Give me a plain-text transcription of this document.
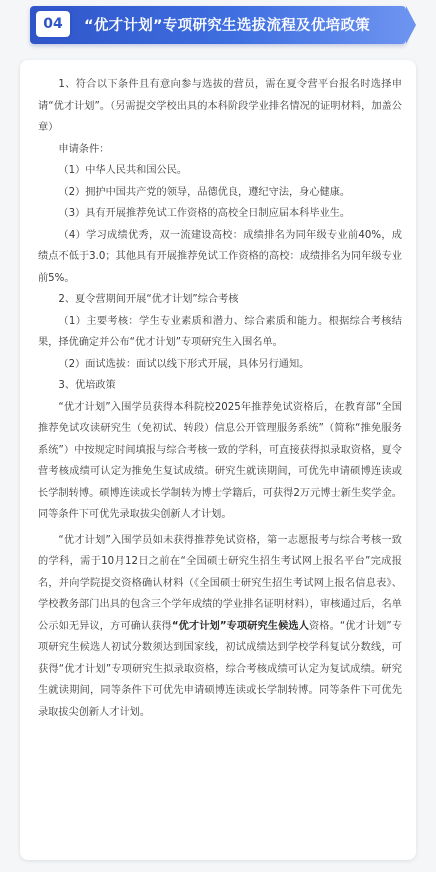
04	“优才计划”专项研究生选拔流程及优培政策

1、符合以下条件且有意向参与选拔的营员，需在夏令营平台报名时选择申请“优才计划”。（另需提交学校出具的本科阶段学业排名情况的证明材料，加盖公章）

申请条件：

（1）中华人民共和国公民。

（2）拥护中国共产党的领导，品德优良，遵纪守法，身心健康。

（3）具有开展推荐免试工作资格的高校全日制应届本科毕业生。

（4）学习成绩优秀，双一流建设高校：成绩排名为同年级专业前40%，成绩点不低于3.0；其他具有开展推荐免试工作资格的高校：成绩排名为同年级专业前5%。

2、夏令营期间开展“优才计划”综合考核

（1）主要考核：学生专业素质和潜力、综合素质和能力。根据综合考核结果，择优确定并公布“优才计划”专项研究生入围名单。

（2）面试选拔：面试以线下形式开展，具体另行通知。

3、优培政策

“优才计划”入围学员获得本科院校2025年推荐免试资格后，在教育部“全国推荐免试攻读研究生（免初试、转段）信息公开管理服务系统”（简称“推免服务系统”）中按规定时间填报与综合考核一致的学科，可直接获得拟录取资格，夏令营考核成绩可认定为推免生复试成绩。研究生就读期间，可优先申请硕博连读或长学制转博。硕博连读或长学制转为博士学籍后，可获得2万元博士新生奖学金。同等条件下可优先录取拔尖创新人才计划。

“优才计划”入围学员如未获得推荐免试资格，第一志愿报考与综合考核一致的学科，需于10月12日之前在“全国硕士研究生招生考试网上报名平台”完成报名，并向学院提交资格确认材料（《全国硕士研究生招生考试网上报名信息表》、学校教务部门出具的包含三个学年成绩的学业排名证明材料），审核通过后，名单公示如无异议，方可确认获得“优才计划”专项研究生候选人资格。“优才计划”专项研究生候选人初试分数须达到国家线，初试成绩达到学校学科复试分数线，可获得“优才计划”专项研究生拟录取资格，综合考核成绩可认定为复试成绩。研究生就读期间，同等条件下可优先申请硕博连读或长学制转博。同等条件下可优先录取拔尖创新人才计划。
